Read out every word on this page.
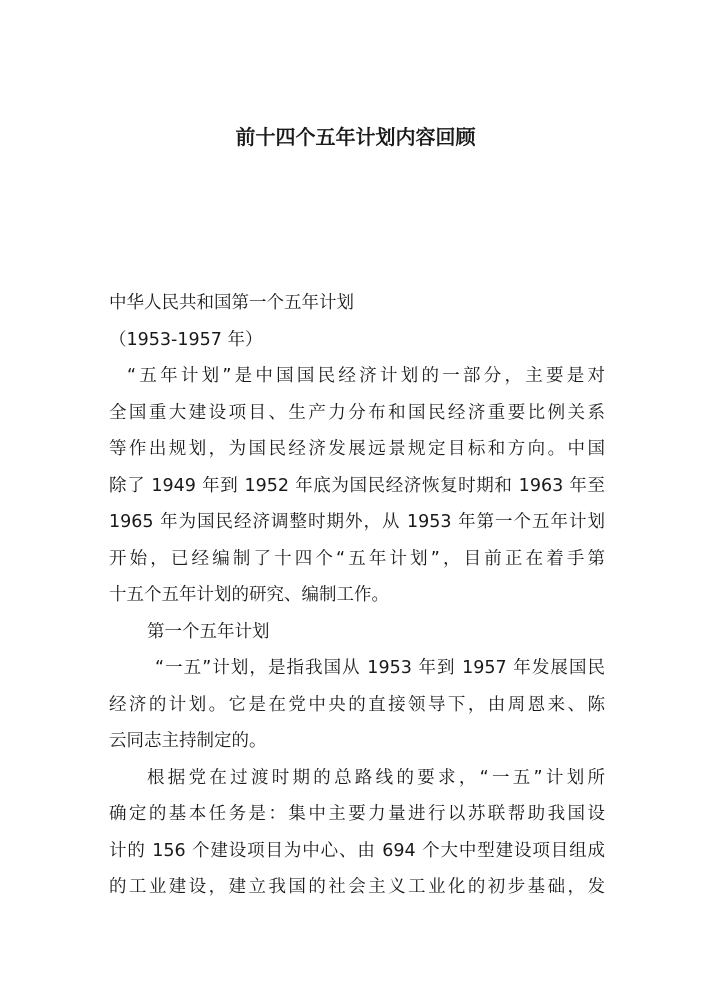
前十四个五年计划内容回顾
中华人民共和国第一个五年计划
（1953-1957 年）
“五年计划”是中国国民经济计划的一部分，主要是对
全国重大建设项目、生产力分布和国民经济重要比例关系
等作出规划，为国民经济发展远景规定目标和方向。中国
除了 1949 年到 1952 年底为国民经济恢复时期和 1963 年至
1965 年为国民经济调整时期外，从 1953 年第一个五年计划
开始，已经编制了十四个“五年计划”，目前正在着手第
十五个五年计划的研究、编制工作。
第一个五年计划
“一五”计划，是指我国从 1953 年到 1957 年发展国民
经济的计划。它是在党中央的直接领导下，由周恩来、陈
云同志主持制定的。
根据党在过渡时期的总路线的要求，“一五”计划所
确定的基本任务是：集中主要力量进行以苏联帮助我国设
计的 156 个建设项目为中心、由 694 个大中型建设项目组成
的工业建设，建立我国的社会主义工业化的初步基础，发
